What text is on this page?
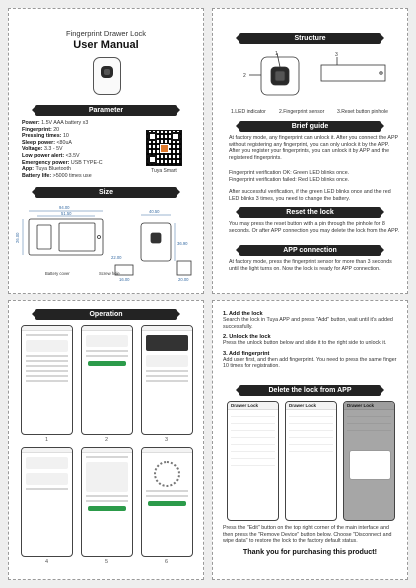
Fingerprint Drawer Lock
User Manual
Parameter
Power: 1.5V AAA battery x3
Fingerprint: 20
Pressing times: 10
Sleep power: <80uA
Voltage: 3.3 - 5V
Low power alert: <3.5V
Emergency power: USB TYPE-C
App: Tuya Bluetooth
Battery life: >5000 times use
Tuya Smart
Size
94.00
51.50
26.00
40.50
36.90
16.00	20.00
22.00
Battery cover	Screw hole
Structure
2
1	3
1.LED indicator	2.Fingerprint sensor 3.Reset button pinhole
Brief guide
At factory mode, any fingerprint can unlock it. After you connect the APP without registering any fingerprint, you can only unlock it by the APP. After you register your fingerprints, you can unlock it by APP and the registered fingerprints.
Fingerprint verification OK: Green LED blinks once.
Fingerprint verification failed: Red LED blinks once.
After successful verification, if the green LED blinks once and the red LED blinks 3 times, you need to change the battery.
Reset the lock
You may press the reset button with a pin through the pinhole for 8 seconds. Or after APP connection you may delete the lock from the APP.
APP connection
At factory mode, press the fingerprint sensor for more than 3 seconds until the light turns on. Now the lock is ready for APP connection.
Operation
1	2	3
4	5	6
1. Add the lock
Search the lock in Tuya APP and press "Add" button, wait until it's added successfully.
2. Unlock the lock
Press the unlock button below and slide it to the right side to unlock it.
3. Add fingerprint
Add user first, and then add fingerprint. You need to press the same finger 10 times for registration.
Delete the lock from APP
Drawer Lock	Drawer Lock	Drawer Lock
Press the "Edit" button on the top right corner of the main interface and then press the "Remove Device" button below. Choose "Disconnect and wipe data" to restore the lock to the factory default status.
Thank you for purchasing this product!
